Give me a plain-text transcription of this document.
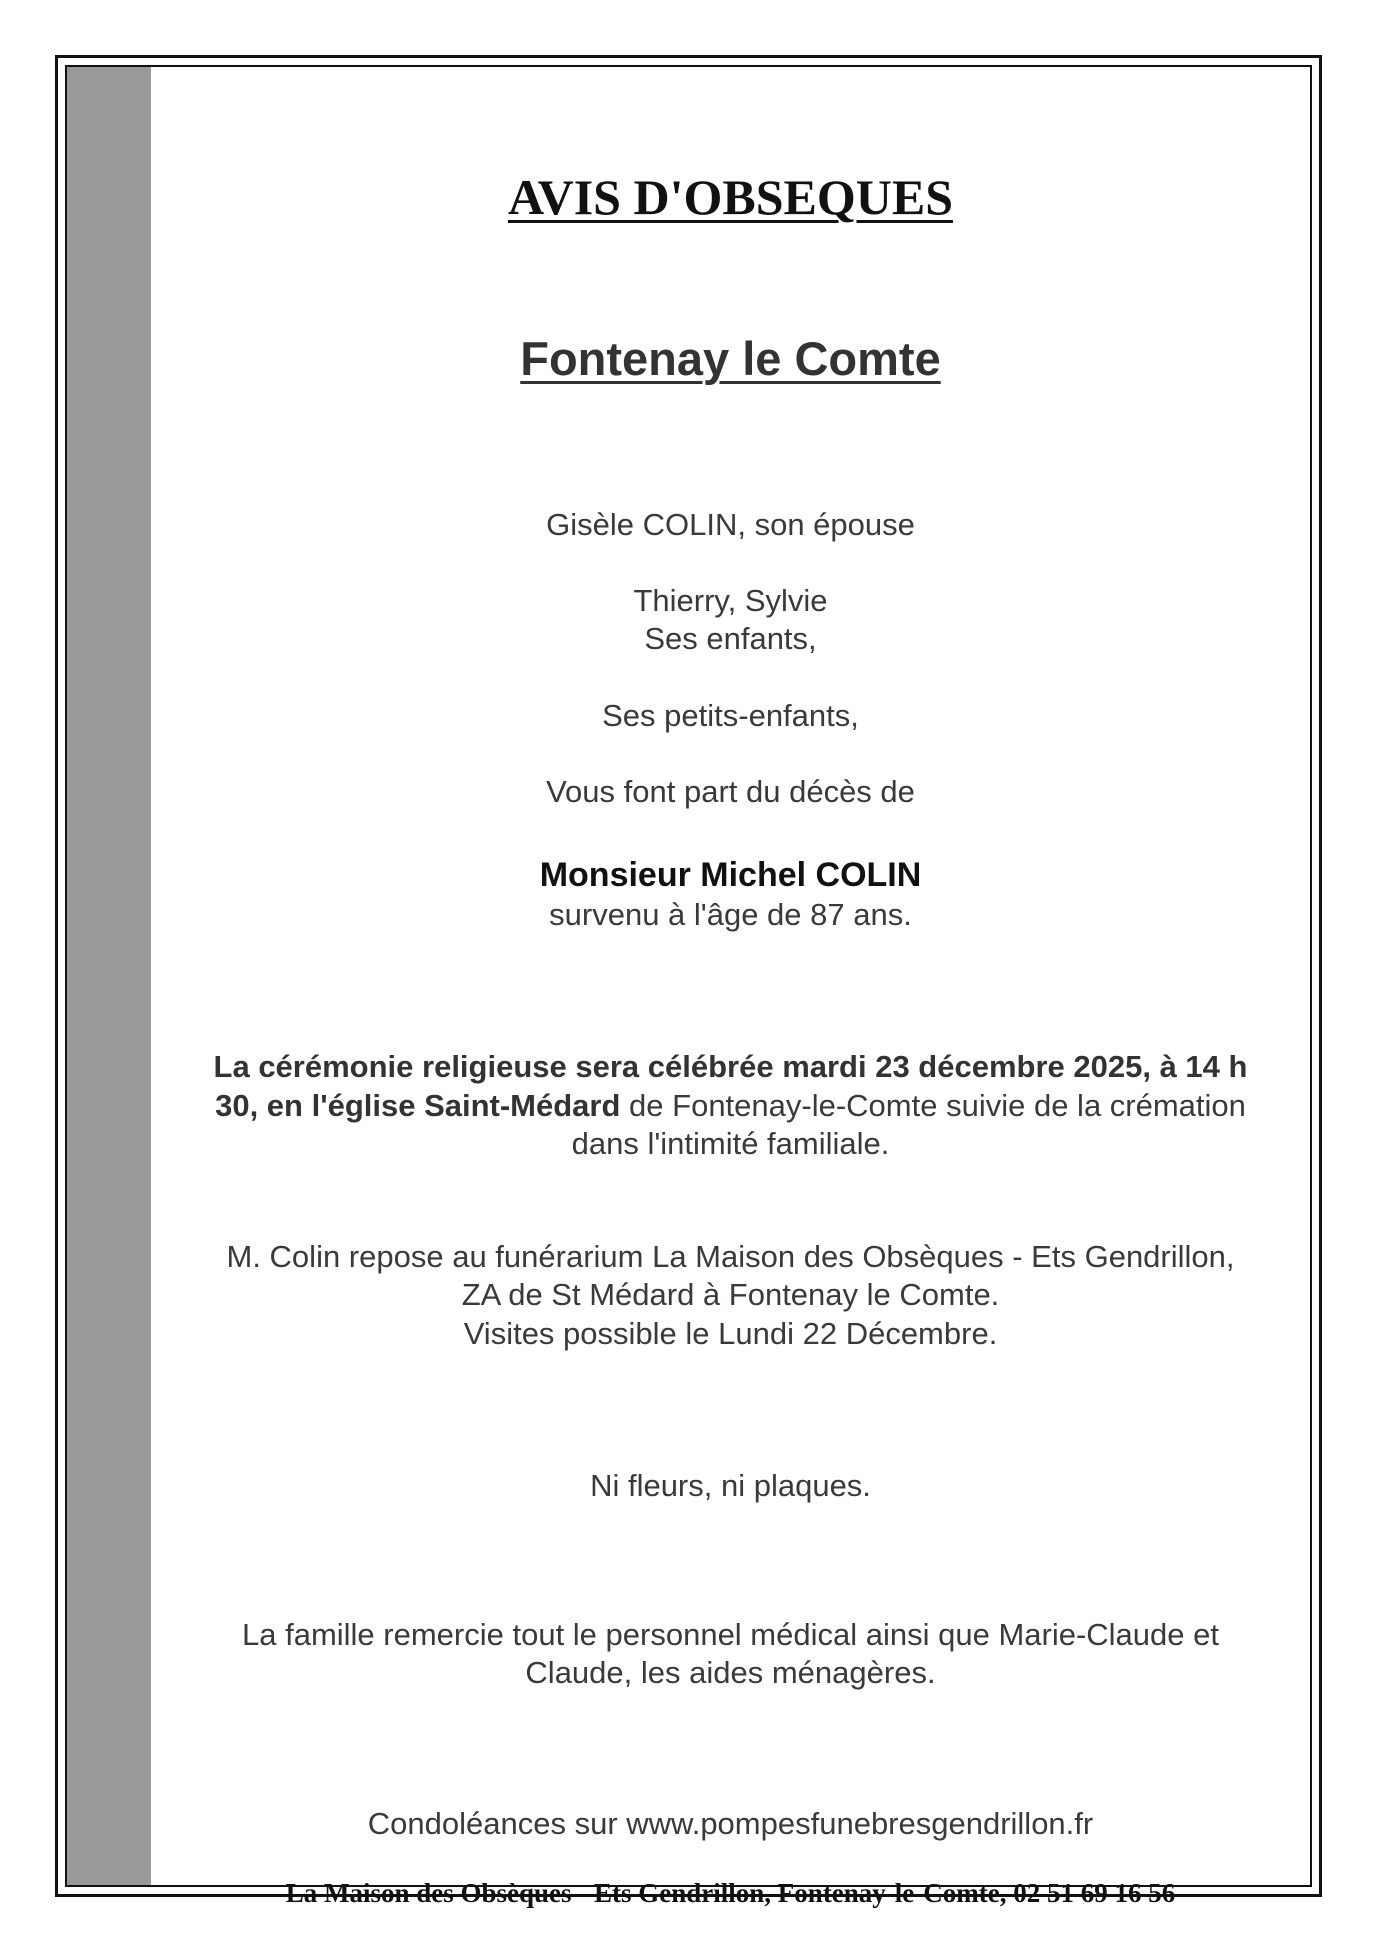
AVIS D'OBSEQUES
Fontenay le Comte
Gisèle COLIN, son épouse
Thierry, Sylvie
Ses enfants,
Ses petits-enfants,
Vous font part du décès de
Monsieur Michel COLIN
survenu à l'âge de 87 ans.
La cérémonie religieuse sera célébrée mardi 23 décembre 2025, à 14 h
30, en l'église Saint-Médard de Fontenay-le-Comte suivie de la crémation
dans l'intimité familiale.
M. Colin repose au funérarium La Maison des Obsèques - Ets Gendrillon,
ZA de St Médard à Fontenay le Comte.
Visites possible le Lundi 22 Décembre.
Ni fleurs, ni plaques.
La famille remercie tout le personnel médical ainsi que Marie-Claude et
Claude, les aides ménagères.
Condoléances sur www.pompesfunebresgendrillon.fr
La Maison des Obsèques - Ets Gendrillon, Fontenay-le-Comte, 02 51 69 16 56
